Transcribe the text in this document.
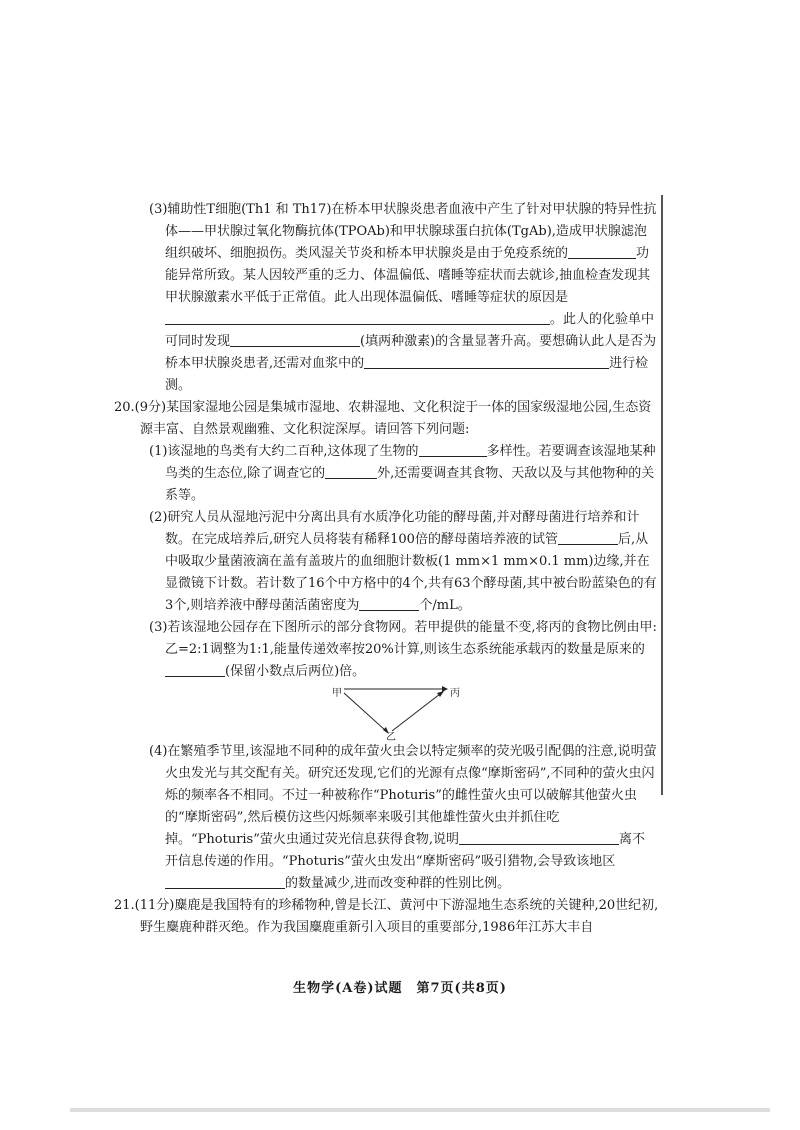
(3)辅助性T细胞(Th1 和 Th17)在桥本甲状腺炎患者血液中产生了针对甲状腺的特异性抗体——甲状腺过氧化物酶抗体(TPOAb)和甲状腺球蛋白抗体(TgAb),造成甲状腺滤泡组织破坏、细胞损伤。类风湿关节炎和桥本甲状腺炎是由于免疫系统的	功能异常所致。某人因较严重的乏力、体温偏低、嗜睡等症状而去就诊,抽血检查发现其甲状腺激素水平低于正常值。此人出现体温偏低、嗜睡等症状的原因是。此人的化验单中可同时发现	(填两种激素)的含量显著升高。要想确认此人是否为桥本甲状腺炎患者,还需对血浆中的	进行检测。

20.(9分)某国家湿地公园是集城市湿地、农耕湿地、文化积淀于一体的国家级湿地公园,生态资源丰富、自然景观幽雅、文化积淀深厚。请回答下列问题:

(1)该湿地的鸟类有大约二百种,这体现了生物的	多样性。若要调查该湿地某种鸟类的生态位,除了调查它的	外,还需要调查其食物、天敌以及与其他物种的关系等。

(2)研究人员从湿地污泥中分离出具有水质净化功能的酵母菌,并对酵母菌进行培养和计数。在完成培养后,研究人员将装有稀释100倍的酵母菌培养液的试管	后,从中吸取少量菌液滴在盖有盖玻片的血细胞计数板(1 mm×1 mm×0.1 mm)边缘,并在显微镜下计数。若计数了16个中方格中的4个,共有63个酵母菌,其中被台盼蓝染色的有3个,则培养液中酵母菌活菌密度为	个/mL。

(3)若该湿地公园存在下图所示的部分食物网。若甲提供的能量不变,将丙的食物比例由甲:乙=2:1调整为1:1,能量传递效率按20%计算,则该生态系统能承载丙的数量是原来的(保留小数点后两位)倍。

甲	丙
乙

(4)在繁殖季节里,该湿地不同种的成年萤火虫会以特定频率的荧光吸引配偶的注意,说明萤火虫发光与其交配有关。研究还发现,它们的光源有点像“摩斯密码”,不同种的萤火虫闪烁的频率各不相同。不过一种被称作“Photuris”的雌性萤火虫可以破解其他萤火虫的“摩斯密码”,然后模仿这些闪烁频率来吸引其他雄性萤火虫并抓住吃掉。“Photuris”萤火虫通过荧光信息获得食物,说明	离不开信息传递的作用。“Photuris”萤火虫发出“摩斯密码”吸引猎物,会导致该地区的数量减少,进而改变种群的性别比例。

21.(11分)麋鹿是我国特有的珍稀物种,曾是长江、黄河中下游湿地生态系统的关键种,20世纪初,野生麋鹿种群灭绝。作为我国麋鹿重新引入项目的重要部分,1986年江苏大丰自

生物学(A卷)试题　第7页(共8页)
